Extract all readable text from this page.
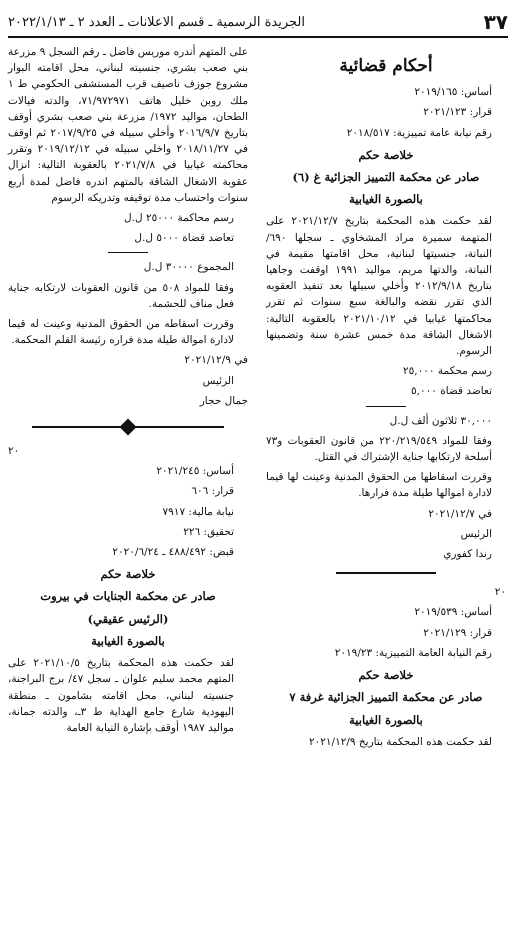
٣٧
الجريدة الرسمية ـ قسم الاعلانات ـ العدد ٢ ـ ٢٠٢٢/١/١٣
أحكام قضائية

أساس: ٢٠١٩/١٦٥

قرار: ٢٠٢١/١٢٣

رقم نيابة عامة تمييزية: ٢٠١٨/٥١٧

خلاصة حكم
صادر عن محكمة التمييز الجزائية غ (٦)
بالصورة الغيابية

لقد حكمت هذه المحكمة بتاريخ ٢٠٢١/١٢/٧ على المتهمة سميرة مراد المشخاوي ـ سجلها ٦٩٠/ النبانة، جنسيتها لبنانية، محل اقامتها مقيمة في النبانة، والدتها مريم، مواليد ١٩٩١ اوقفت وجاهيا بتاريخ ٢٠١٢/٩/١٨ وأخلي سبيلها بعد تنفيذ العقوبه الذي تقرر نقضه والبالغة سبع سنوات ثم تقرر محاكمتها غيابيا في ٢٠٢١/١٠/١٢ بالعقوبة التالية: الاشغال الشاقة مدة خمس عشرة سنة وتضمينها الرسوم.

رسم محكمة ٢٥,٠٠٠

تعاضد قضاة ٥,٠٠٠

٣٠,٠٠٠ ثلاثون ألف ل.ل

وفقا للمواد ٢٢٠/٢١٩/٥٤٩ من قانون العقوبات و٧٣ أسلحة لارتكابها جناية الإشتراك في القتل.

وقررت اسقاطها من الحقوق المدنية وعينت لها قيما لادارة اموالها طيلة مدة فرارها.

في ٢٠٢١/١٢/٧

الرئيس

رندا كفوري

٢٠

أساس: ٢٠١٩/٥٣٩

قرار: ٢٠٢١/١٢٩

رقم النيابة العامة التمييزية: ٢٠١٩/٢٣

خلاصة حكم
صادر عن محكمة التمييز الجزائية غرفة ٧
بالصورة الغيابية

لقد حكمت هذه المحكمة بتاريخ ٢٠٢١/١٢/٩

على المتهم أندره موريس فاضل ـ رقم السجل ٩ مزرعة بني صعب بشري، جنسيته لبناني، محل اقامته البوار مشروع جوزف ناصيف قرب المستشفى الحكومي ط ١ ملك روبن خليل هاتف ٧١/٩٧٢٩٧١، والدته فيالات الطحان، مواليد ١٩٧٢/ مزرعة بني صعب بشري أوقف بتاريخ ٢٠١٦/٩/٧ وأخلي سبيله في ٢٠١٧/٩/٢٥ ثم اوقف في ٢٠١٨/١١/٢٧ واخلي سبيله في ٢٠١٩/١٢/١٢ وتقرر محاكمته غيابيا في ٢٠٢١/٧/٨ بالعقوبة التالية: انزال عقوبة الاشغال الشاقة بالمتهم اندره فاضل لمدة أربع سنوات واحتساب مدة توقيفه وتدريكه الرسوم

رسم محاكمة ٢٥٠٠٠ ل.ل

تعاضد قضاة ٥٠٠٠ ل.ل

المجموع ٣٠٠٠٠ ل.ل

وفقا للمواد ٥٠٨ من قانون العقوبات لارتكابه جناية فعل مناف للحشمة.

وقررت اسقاطه من الحقوق المدنية وعينت له قيما لادارة اموالة طيلة مدة فراره رئيسة القلم المحكمة.

في ٢٠٢١/١٢/٩

الرئيس

جمال حجار

٢٠

أساس: ٢٠٢١/٢٤٥

قرار: ٦٠٦

نيابة مالية: ٧٩١٧

تحقيق: ٢٢٦

قبض: ٤٨٨/٤٩٢ ـ ٢٠٢٠/٦/٢٤

خلاصة حكم
صادر عن محكمة الجنايات في بيروت
(الرئيس عقيقي)
بالصورة الغيابية

لقد حكمت هذه المحكمة بتاريخ ٢٠٢١/١٠/٥ على المتهم محمد سليم علوان ـ سجل ٤٧/ برج البراجنة، جنسيته لبناني، محل اقامته بشامون ـ منطقة اليهودية شارع جامع الهداية ط ٣ـ، والدته جمانة، مواليد ١٩٨٧ أوقف بإشارة النيابة العامة
